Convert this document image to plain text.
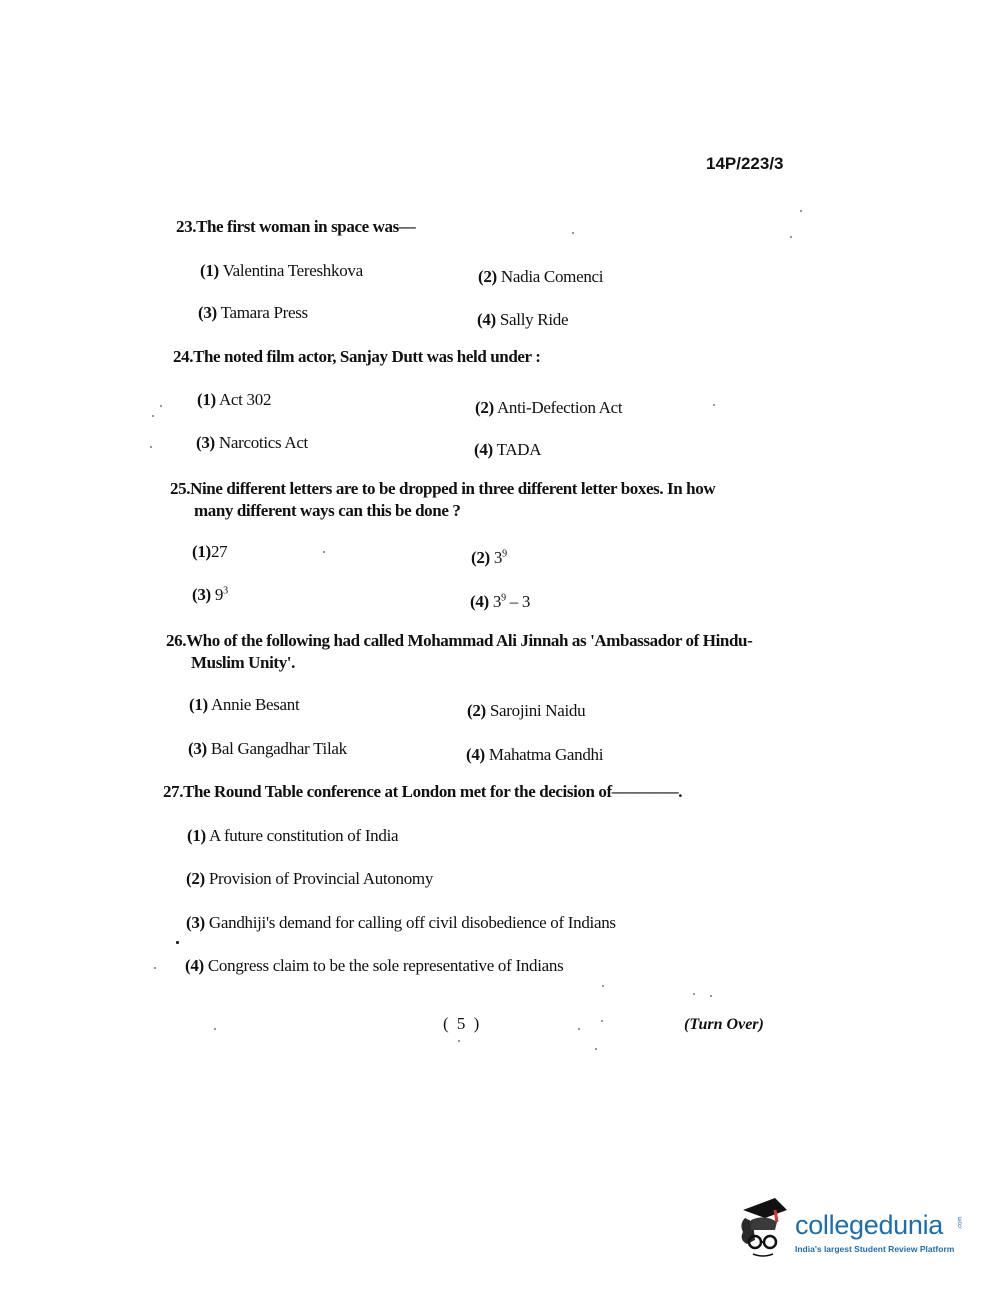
14P/223/3
23.The first woman in space was—
(1) Valentina Tereshkova	(2) Nadia Comenci
(3) Tamara Press	(4) Sally Ride
24.The noted film actor, Sanjay Dutt was held under :
(1) Act 302	(2) Anti-Defection Act
(3) Narcotics Act	(4) TADA
25.Nine different letters are to be dropped in three different letter boxes. In how
many different ways can this be done ?
(1)27	(2) $3^9$
(3) $9^3$
(4) $3^9 - 3$
26.Who of the following had called Mohammad Ali Jinnah as 'Ambassador of Hindu-
Muslim Unity'.
(1) Annie Besant	(2) Sarojini Naidu
(3) Bal Gangadhar Tilak	(4) Mahatma Gandhi
27.The Round Table conference at London met for the decision of————.
(1) A future constitution of India
(2) Provision of Provincial Autonomy
(3) Gandhiji's demand for calling off civil disobedience of Indians
(4) Congress claim to be the sole representative of Indians
( 5 )	(Turn Over)
collegedunia .com
India's largest Student Review Platform
